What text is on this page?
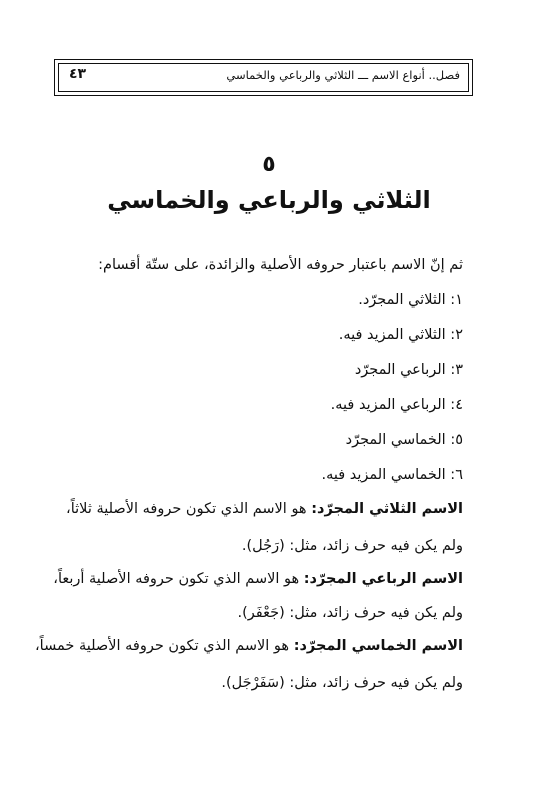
فصل.. أنواع الاسم ـــ الثلاثي والرباعي والخماسي
٤٣
٥
الثلاثي والرباعي والخماسي
ثم إنّ الاسم باعتبار حروفه الأصلية والزائدة، على ستّة أقسام:
١: الثلاثي المجرّد.
٢: الثلاثي المزيد فيه.
٣: الرباعي المجرّد
٤: الرباعي المزيد فيه.
٥: الخماسي المجرّد
٦: الخماسي المزيد فيه.
الاسم الثلاثي المجرّد: هو الاسم الذي تكون حروفه الأصلية ثلاثاً،
ولم يكن فيه حرف زائد، مثل: (رَجُل).
الاسم الرباعي المجرّد: هو الاسم الذي تكون حروفه الأصلية أربعاً،
ولم يكن فيه حرف زائد، مثل: (جَعْفَر).
الاسم الخماسي المجرّد: هو الاسم الذي تكون حروفه الأصلية خمساً،
ولم يكن فيه حرف زائد، مثل: (سَفَرْجَل).
